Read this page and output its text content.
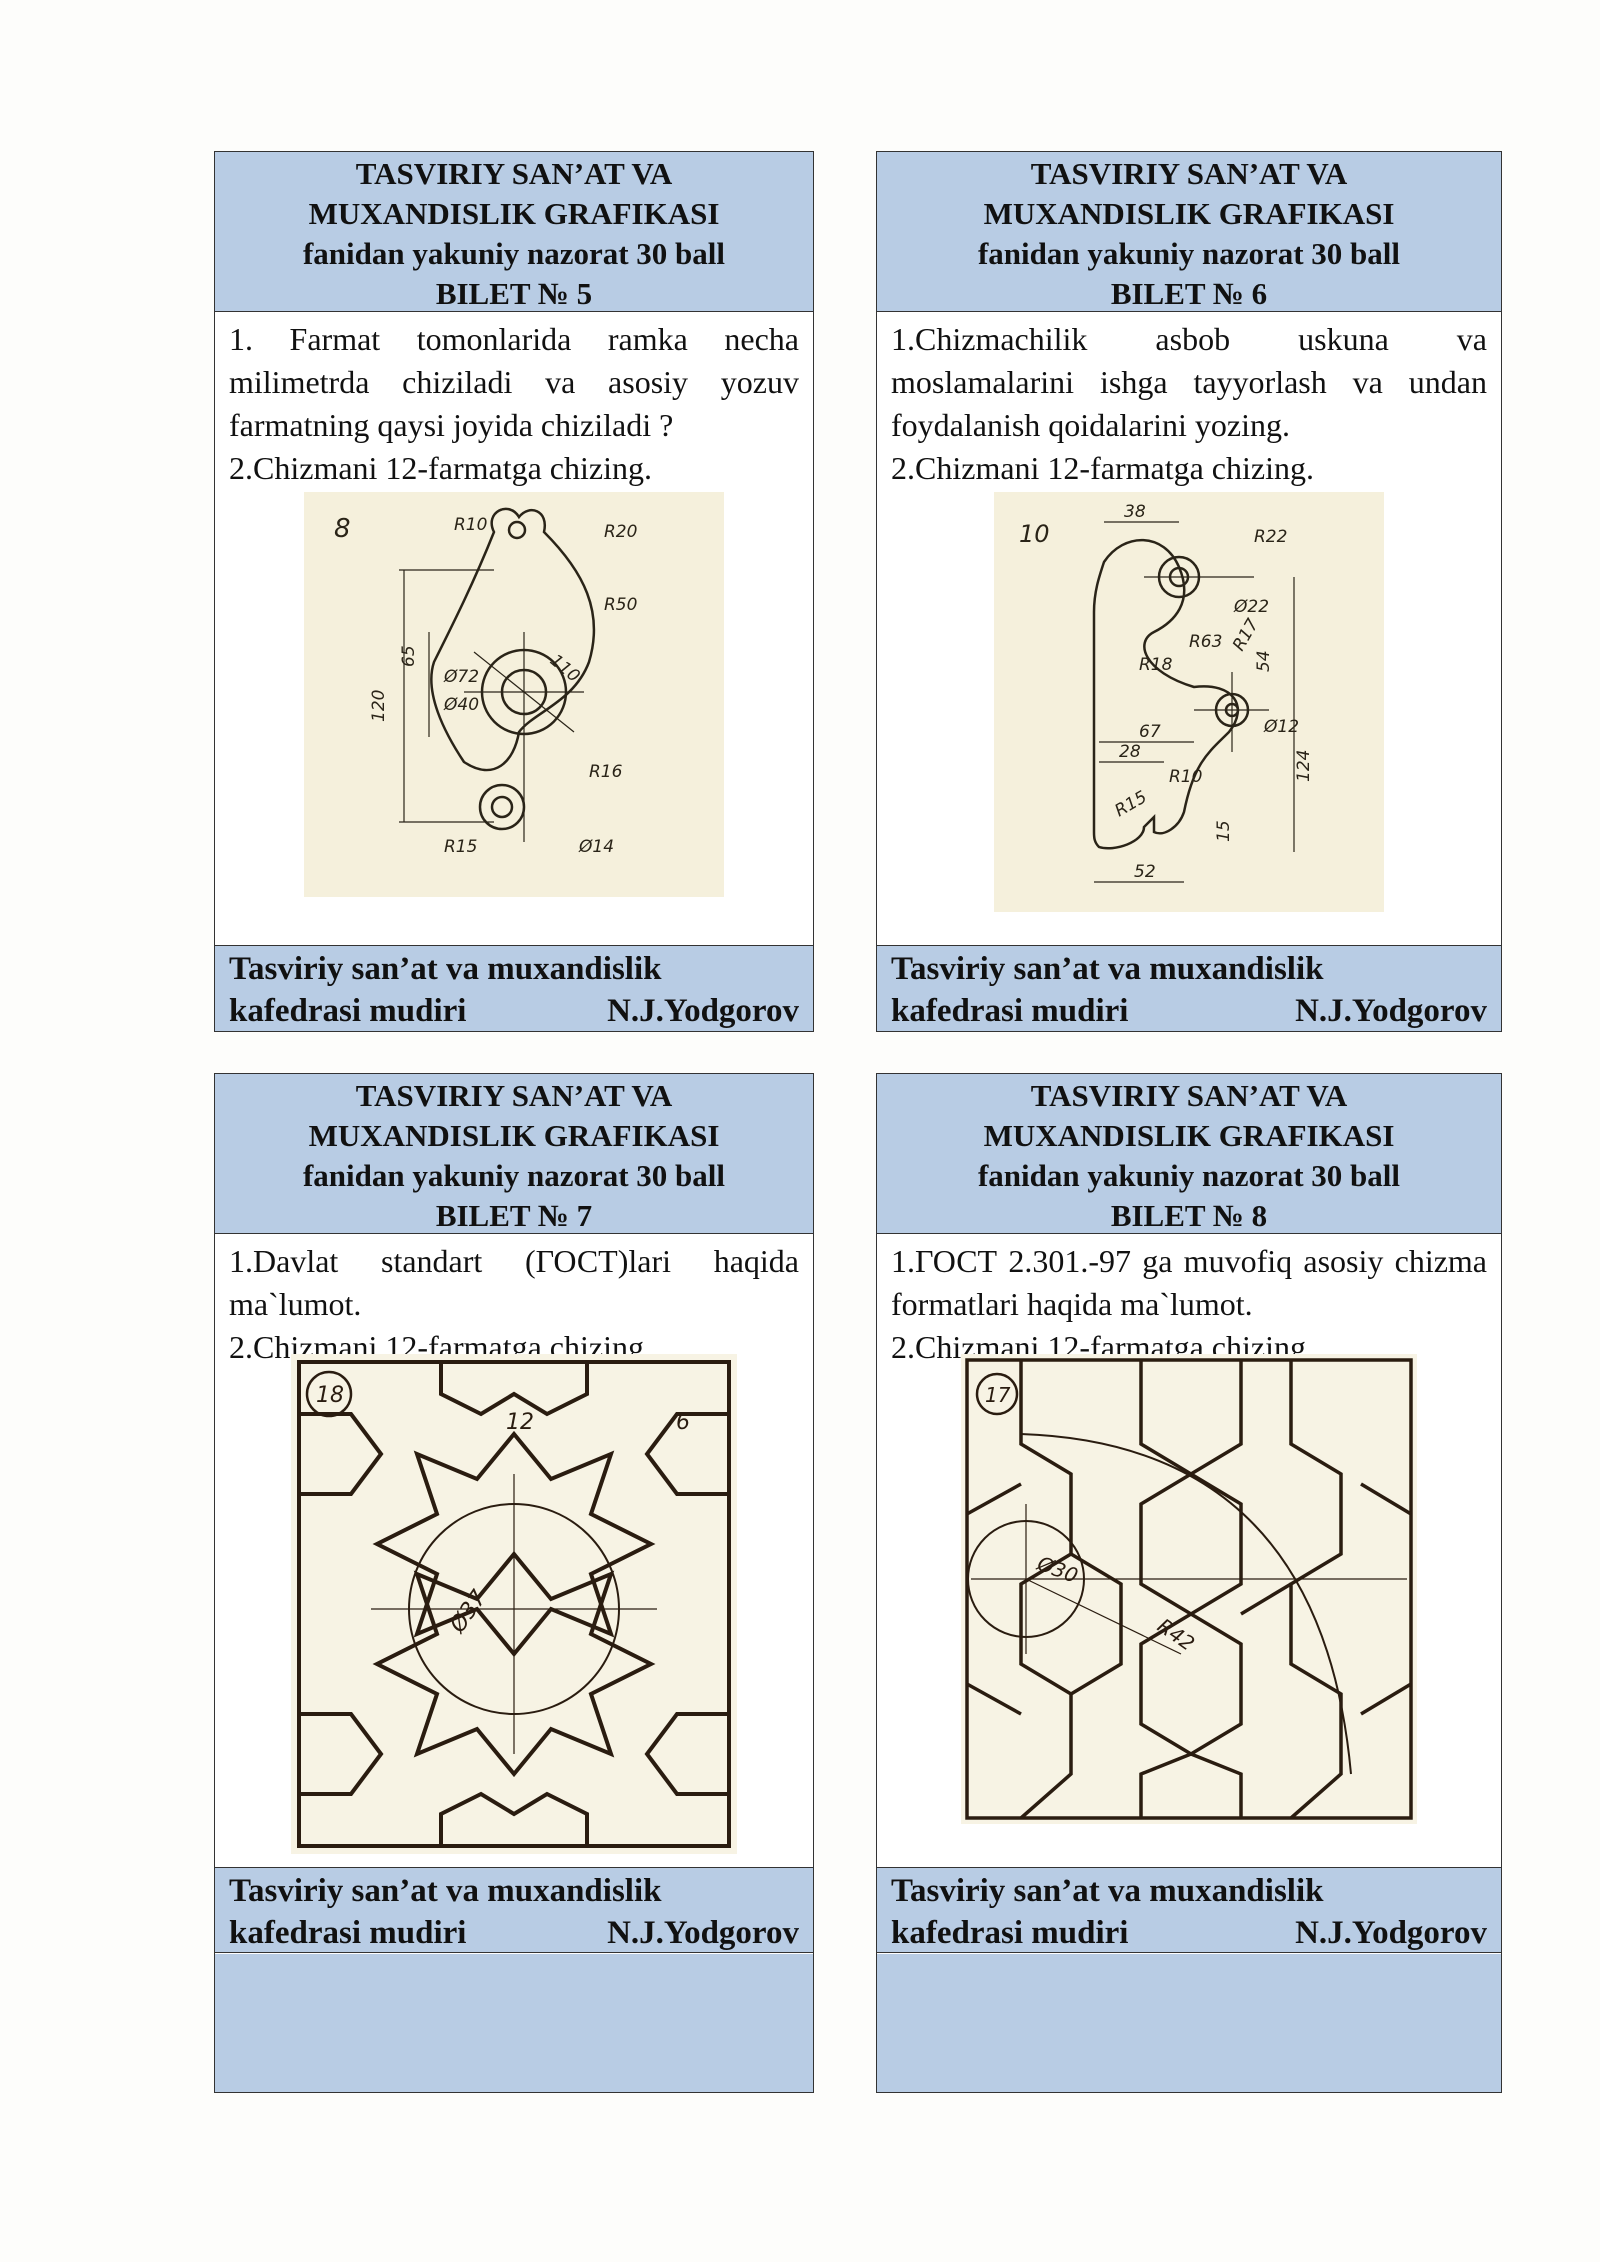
TASVIRIY SAN’AT VA
MUXANDISLIK GRAFIKASI
fanidan yakuniy nazorat 30 ball
BILET № 5

1. Farmat tomonlarida ramka necha milimetrda chiziladi va asosiy yozuv farmatning qaysi joyida chiziladi ?

2.Chizmani 12-farmatga chizing.

8	R10	R20
R50
65
120
110
Ø72
Ø40
R16
R15	Ø14
Tasviriy san’at va muxandislik
kafedrasi mudiri	N.J.Yodgorov
TASVIRIY SAN’AT VA
MUXANDISLIK GRAFIKASI
fanidan yakuniy nazorat 30 ball
BILET № 6

1.Chizmachilik asbob uskuna va moslamalarini ishga tayyorlash va undan foydalanish qoidalarini yozing.

2.Chizmani 12-farmatga chizing.

10
38
R22
Ø22
R63 R17
R18	54
67
28
Ø12
R10
R15
124
15
52
Tasviriy san’at va muxandislik
kafedrasi mudiri	N.J.Yodgorov
TASVIRIY SAN’AT VA
MUXANDISLIK GRAFIKASI
fanidan yakuniy nazorat 30 ball
BILET № 7

1.Davlat standart (ГОСТ)lari haqida ma`lumot.

2.Chizmani 12-farmatga chizing

18
12	6
Ø37
Tasviriy san’at va muxandislik
kafedrasi mudiri	N.J.Yodgorov
TASVIRIY SAN’AT VA
MUXANDISLIK GRAFIKASI
fanidan yakuniy nazorat 30 ball
BILET № 8

1.ГОСТ 2.301.-97 ga muvofiq asosiy chizma formatlari haqida ma`lumot.

2.Chizmani 12-farmatga chizing

17
Ø30
R42
Tasviriy san’at va muxandislik
kafedrasi mudiri	N.J.Yodgorov
